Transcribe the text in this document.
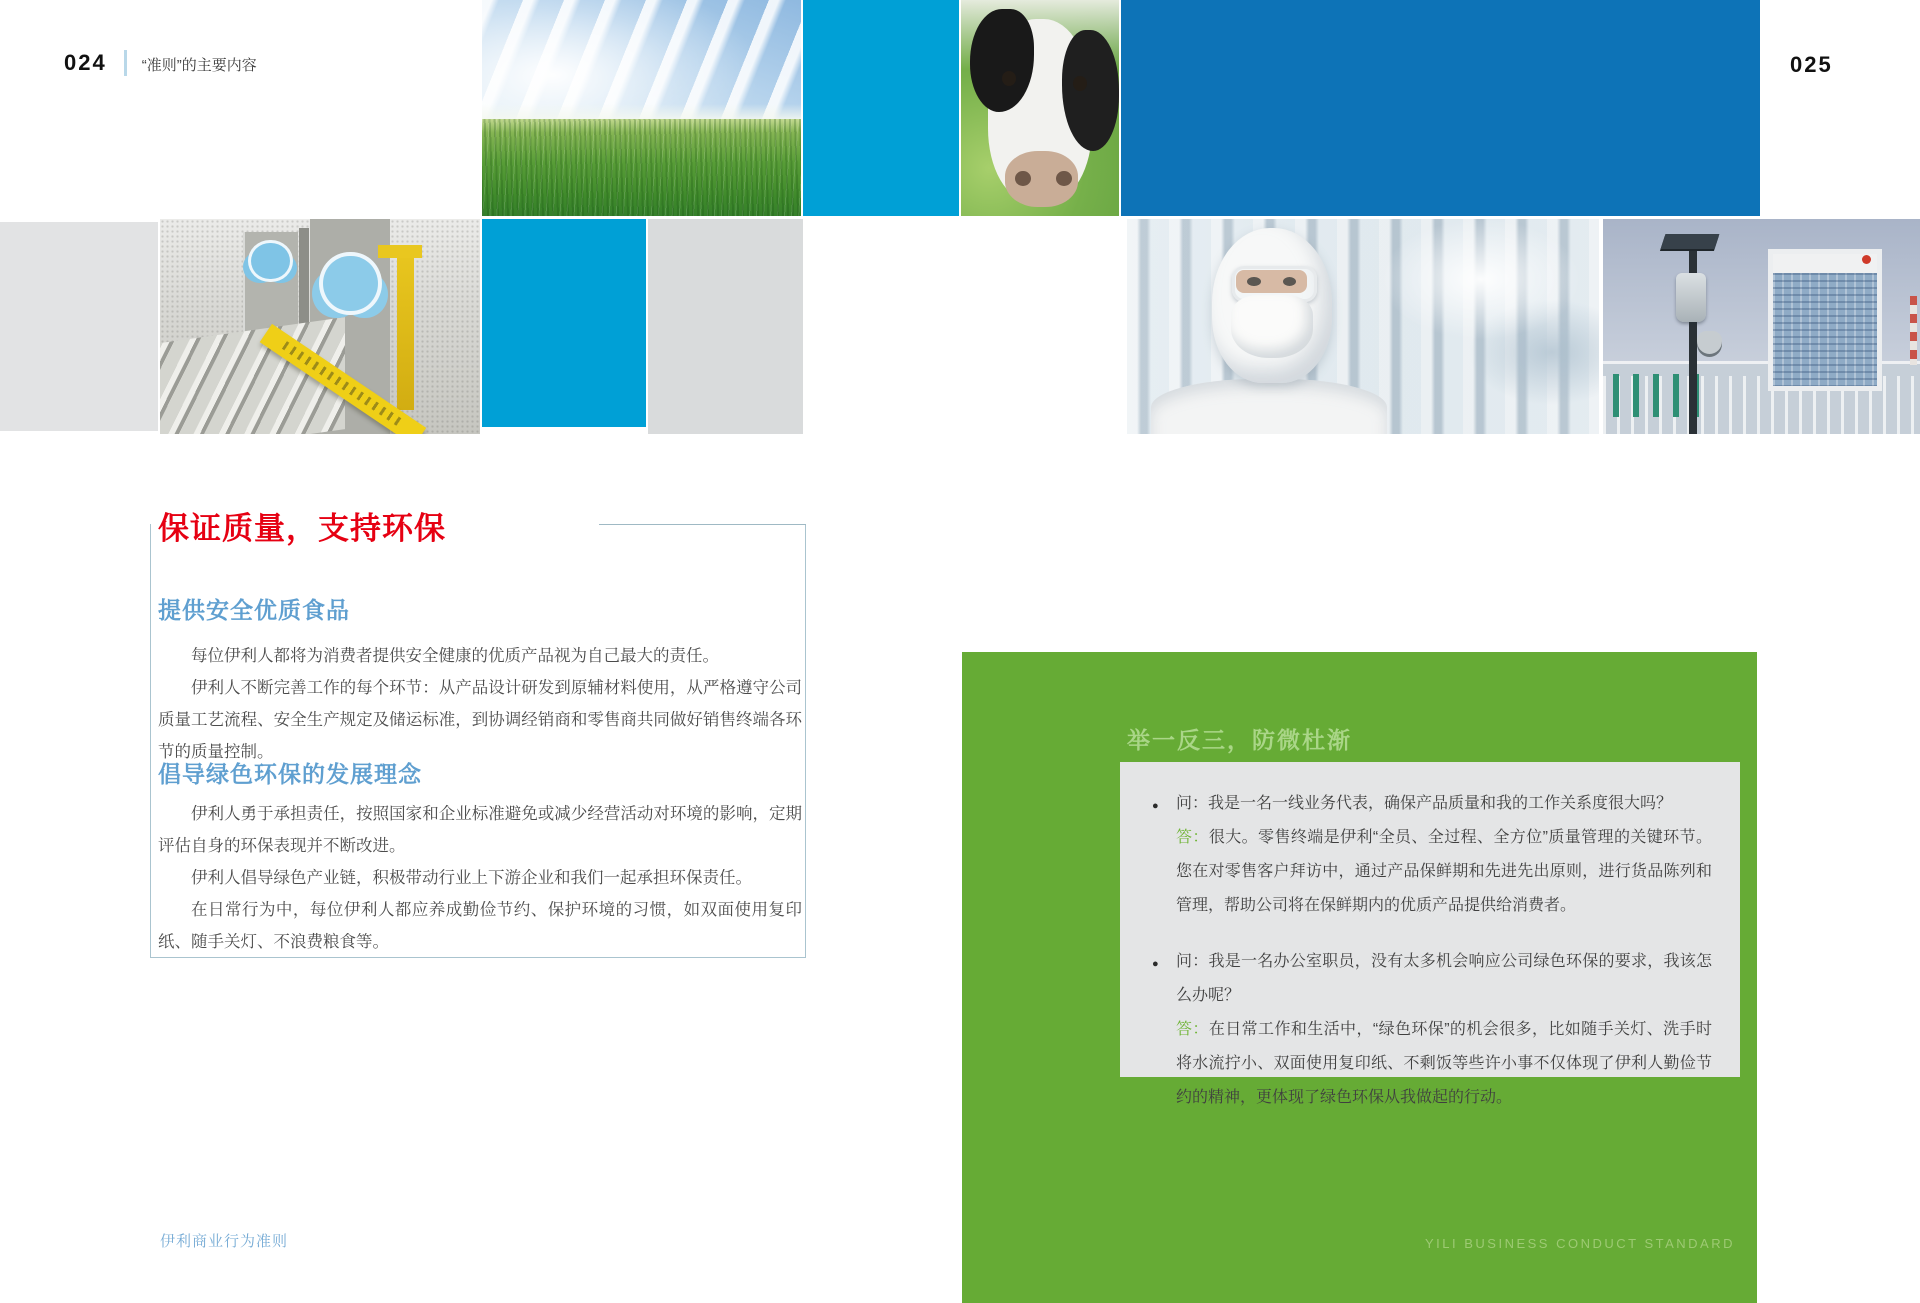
024 “准则”的主要内容	025
保证质量，支持环保
提供安全优质食品

每位伊利人都将为消费者提供安全健康的优质产品视为自己最大的责任。

伊利人不断完善工作的每个环节：从产品设计研发到原辅材料使用，从严格遵守公司质量工艺流程、安全生产规定及储运标准，到协调经销商和零售商共同做好销售终端各环节的质量控制。

倡导绿色环保的发展理念

伊利人勇于承担责任，按照国家和企业标准避免或减少经营活动对环境的影响，定期评估自身的环保表现并不断改进。

伊利人倡导绿色产业链，积极带动行业上下游企业和我们一起承担环保责任。

在日常行为中，每位伊利人都应养成勤俭节约、保护环境的习惯，如双面使用复印纸、随手关灯、不浪费粮食等。

举一反三，防微杜渐
●	问：我是一名一线业务代表，确保产品质量和我的工作关系度很大吗？
答：很大。零售终端是伊利“全员、全过程、全方位”质量管理的关键环节。您在对零售客户拜访中，通过产品保鲜期和先进先出原则，进行货品陈列和管理，帮助公司将在保鲜期内的优质产品提供给消费者。
●	问：我是一名办公室职员，没有太多机会响应公司绿色环保的要求，我该怎么办呢？
答：在日常工作和生活中，“绿色环保”的机会很多，比如随手关灯、洗手时将水流拧小、双面使用复印纸、不剩饭等些许小事不仅体现了伊利人勤俭节约的精神，更体现了绿色环保从我做起的行动。
YILI BUSINESS CONDUCT STANDARD
伊利商业行为准则
